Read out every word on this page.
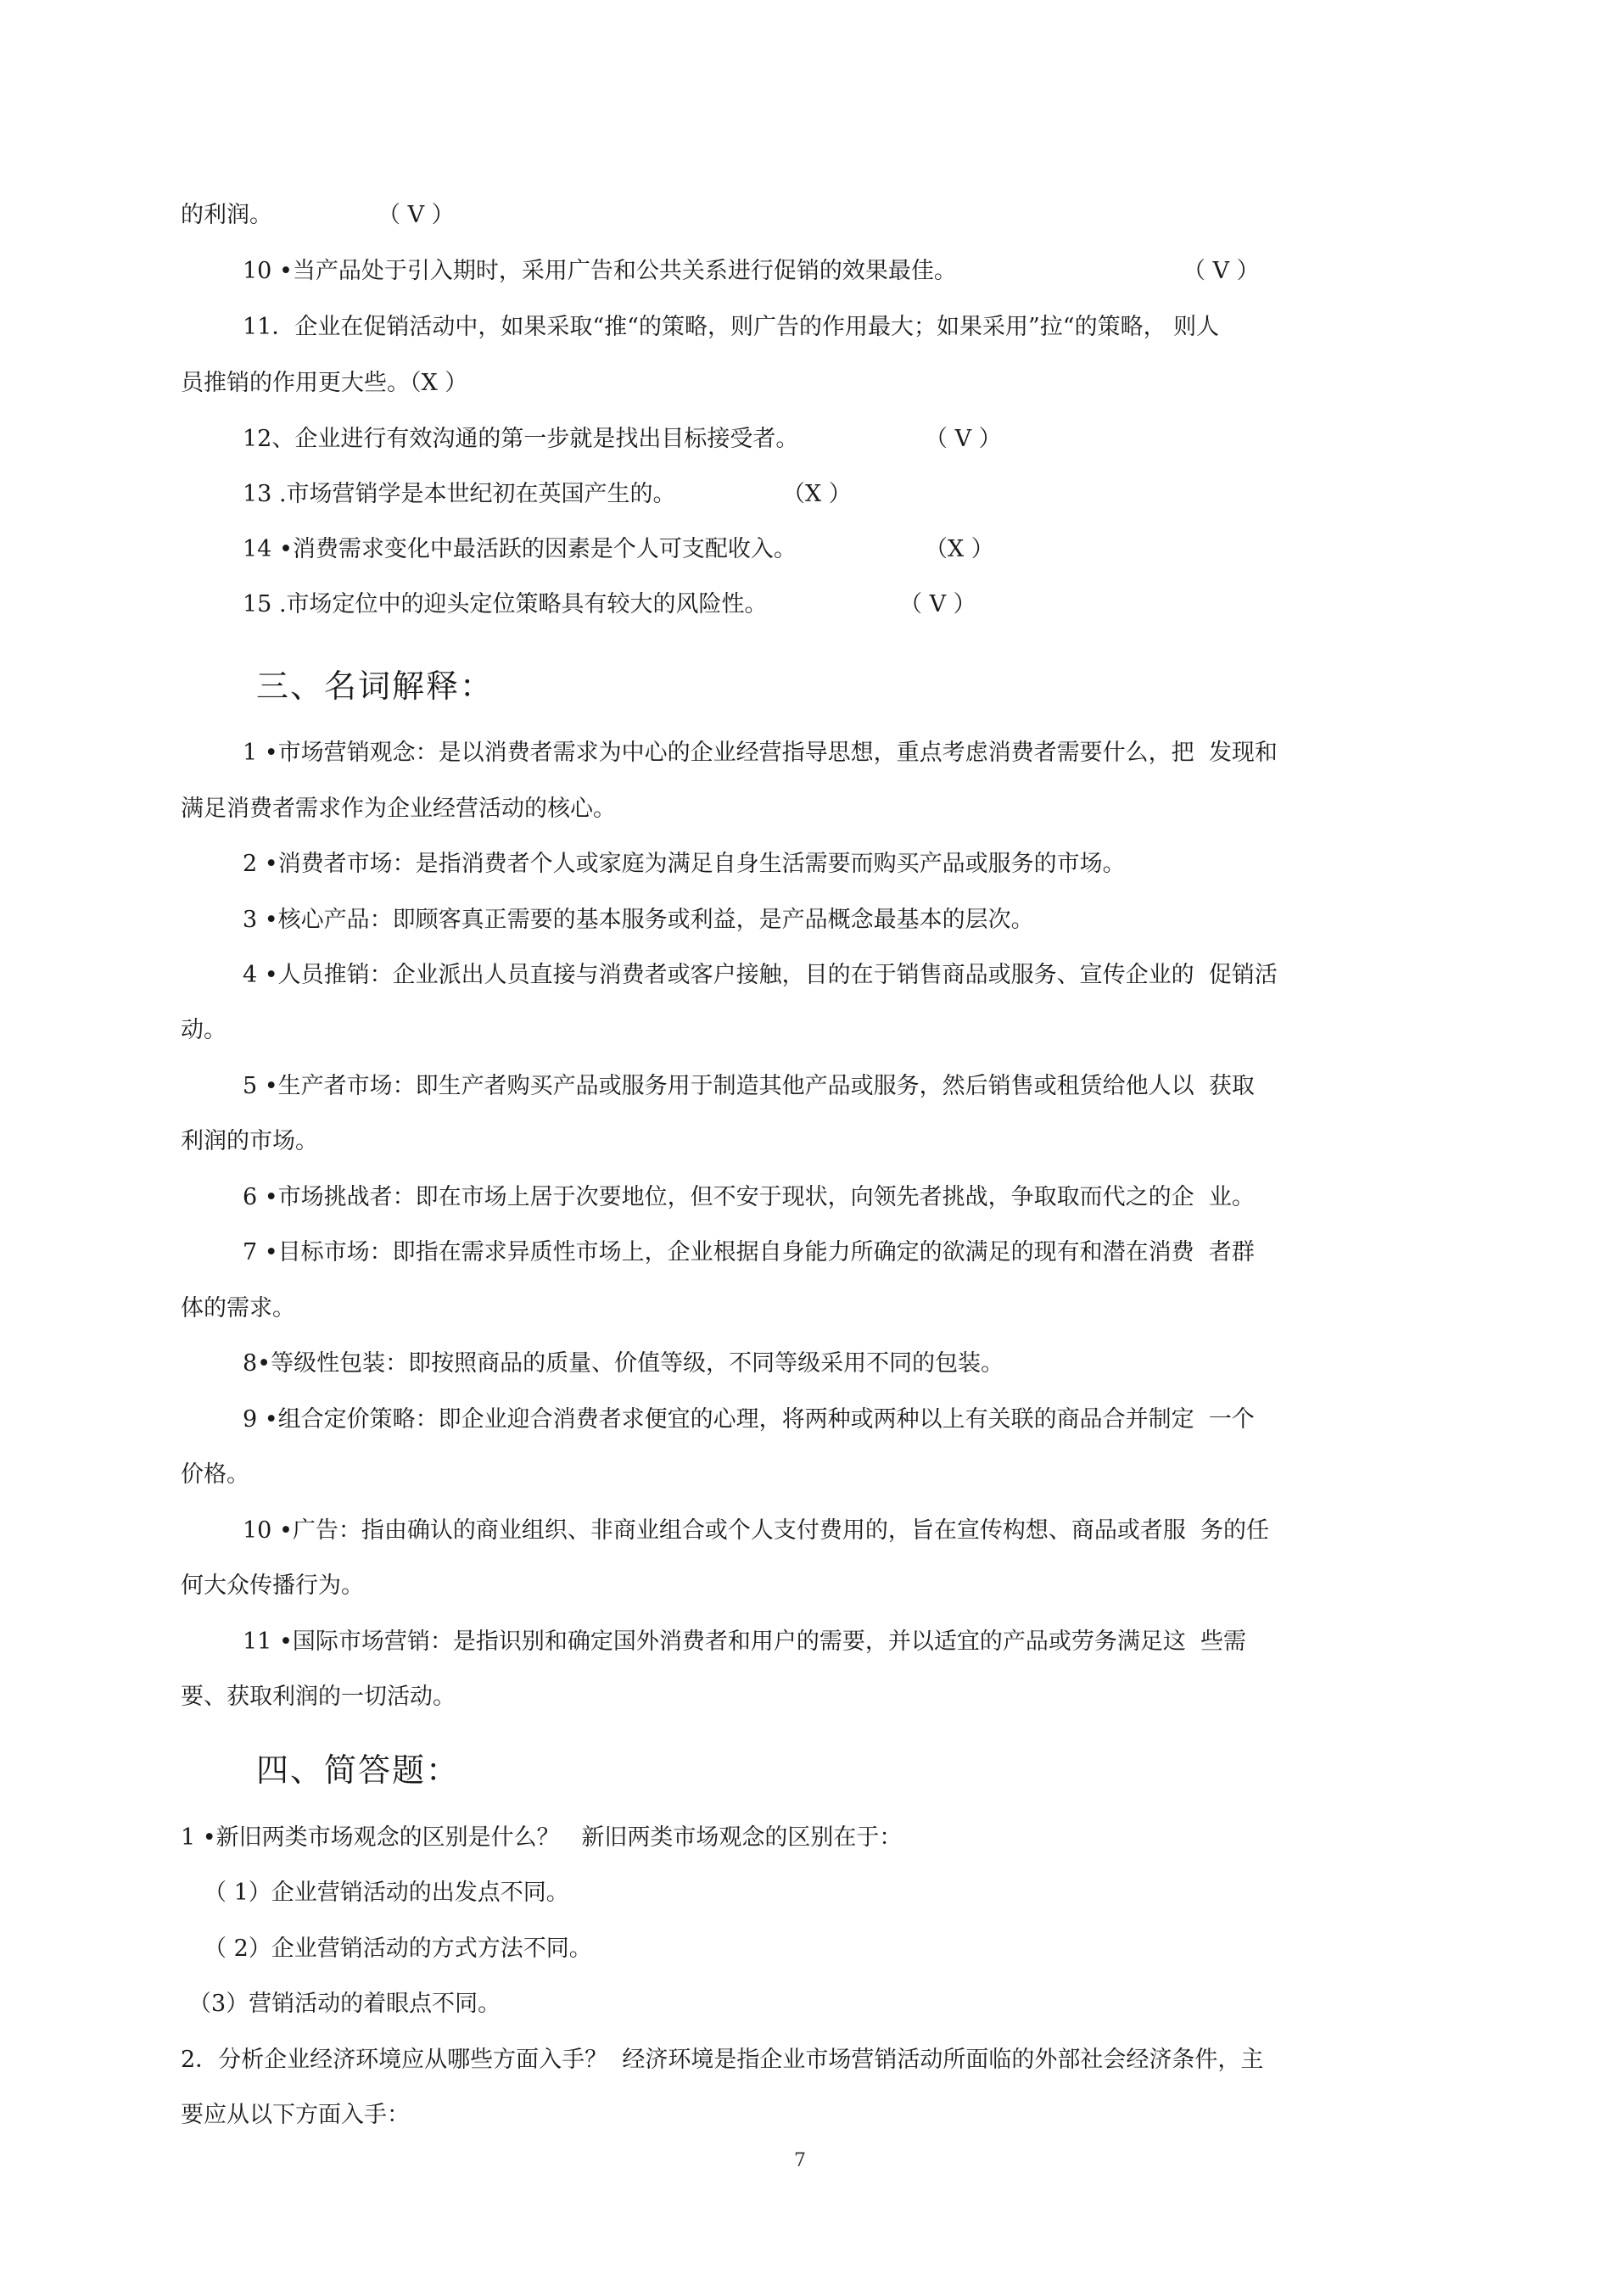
的利润。	（ V ）
10 •当产品处于引入期时，采用广告和公共关系进行促销的效果最佳。	（ V ）
11．企业在促销活动中，如果采取“推“的策略，则广告的作用最大；如果采用”拉“的策略， 则人
员推销的作用更大些。（X ）
12、企业进行有效沟通的第一步就是找出目标接受者。	（ V ）
13 .市场营销学是本世纪初在英国产生的。	（X ）
14 •消费需求变化中最活跃的因素是个人可支配收入。	（X ）
15 .市场定位中的迎头定位策略具有较大的风险性。	（ V ）
三、名词解释：
1 •市场营销观念：是以消费者需求为中心的企业经营指导思想，重点考虑消费者需要什么，把  发现和
满足消费者需求作为企业经营活动的核心。
2 •消费者市场：是指消费者个人或家庭为满足自身生活需要而购买产品或服务的市场。
3 •核心产品：即顾客真正需要的基本服务或利益，是产品概念最基本的层次。
4 •人员推销：企业派出人员直接与消费者或客户接触，目的在于销售商品或服务、宣传企业的  促销活
动。
5 •生产者市场：即生产者购买产品或服务用于制造其他产品或服务，然后销售或租赁给他人以  获取
利润的市场。
6 •市场挑战者：即在市场上居于次要地位，但不安于现状，向领先者挑战，争取取而代之的企  业。
7 •目标市场：即指在需求异质性市场上，企业根据自身能力所确定的欲满足的现有和潜在消费  者群
体的需求。
8•等级性包装：即按照商品的质量、价值等级，不同等级采用不同的包装。
9 •组合定价策略：即企业迎合消费者求便宜的心理，将两种或两种以上有关联的商品合并制定  一个
价格。
10 •广告：指由确认的商业组织、非商业组合或个人支付费用的，旨在宣传构想、商品或者服  务的任
何大众传播行为。
11 •国际市场营销：是指识别和确定国外消费者和用户的需要，并以适宜的产品或劳务满足这  些需
要、获取利润的一切活动。
四、简答题：
1 •新旧两类市场观念的区别是什么？   新旧两类市场观念的区别在于：
（ 1）企业营销活动的出发点不同。
（ 2）企业营销活动的方式方法不同。
（3）营销活动的着眼点不同。
2．分析企业经济环境应从哪些方面入手？  经济环境是指企业市场营销活动所面临的外部社会经济条件，主
要应从以下方面入手：
7
